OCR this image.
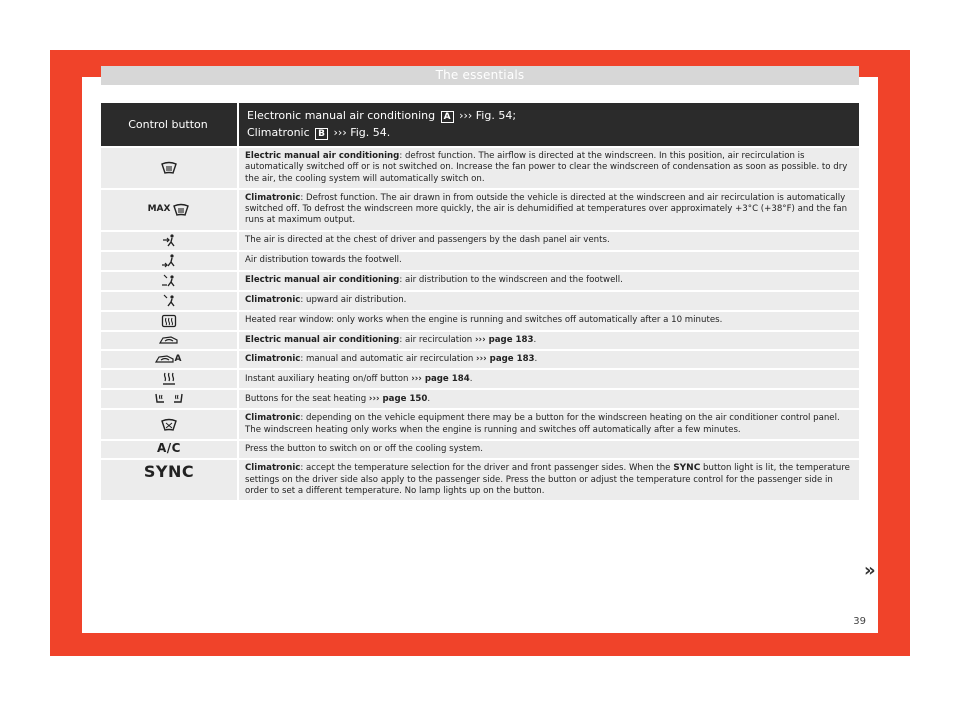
The essentials
Control button	Electronic manual air conditioning A ››› Fig. 54;
Climatronic B ››› Fig. 54.
	Electric manual air conditioning: defrost function. The airflow is directed at the windscreen. In this position, air recirculation is automatically switched off or is not switched on. Increase the fan power to clear the windscreen of condensation as soon as possible. to dry the air, the cooling system will automatically switch on.
MAX	Climatronic: Defrost function. The air drawn in from outside the vehicle is directed at the windscreen and air recirculation is automatically switched off. To defrost the windscreen more quickly, the air is dehumidified at temperatures over approximately +3°C (+38°F) and the fan runs at maximum output.
	The air is directed at the chest of driver and passengers by the dash panel air vents.
	Air distribution towards the footwell.
	Electric manual air conditioning: air distribution to the windscreen and the footwell.
	Climatronic: upward air distribution.
	Heated rear window: only works when the engine is running and switches off automatically after a 10 minutes.
	Electric manual air conditioning: air recirculation ››› page 183.
A	Climatronic: manual and automatic air recirculation ››› page 183.
	Instant auxiliary heating on/off button ››› page 184.
	Buttons for the seat heating ››› page 150.
	Climatronic: depending on the vehicle equipment there may be a button for the windscreen heating on the air conditioner control panel. The windscreen heating only works when the engine is running and switches off automatically after a few minutes.
A/C	Press the button to switch on or off the cooling system.
SYNC	Climatronic: accept the temperature selection for the driver and front passenger sides. When the SYNC button light is lit, the temperature settings on the driver side also apply to the passenger side. Press the button or adjust the temperature control for the passenger side in order to set a different temperature. No lamp lights up on the button.
»
39
